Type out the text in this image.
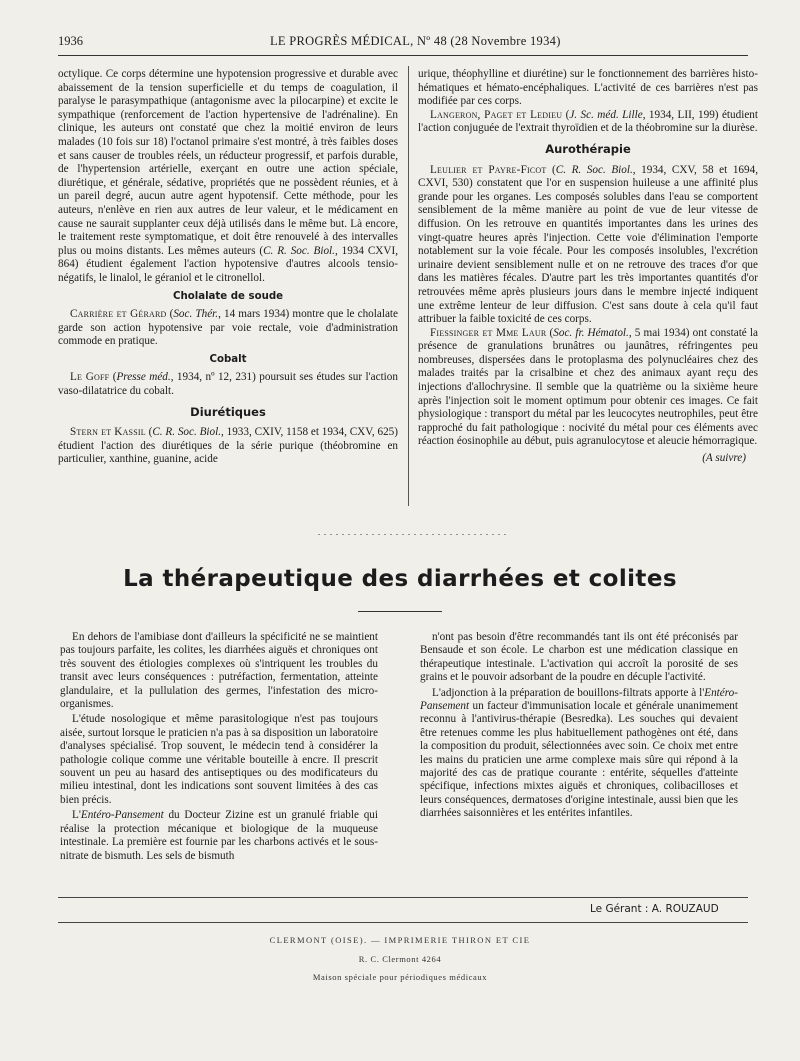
1936	LE PROGRÈS MÉDICAL, Nº 48 (28 Novembre 1934)

octylique. Ce corps détermine une hypotension progressive et durable avec abaissement de la tension superficielle et du temps de coagulation, il paralyse le parasympathique (antagonisme avec la pilocarpine) et excite le sympathique (renforcement de l'action hypertensive de l'adrénaline). En clinique, les auteurs ont constaté que chez la moitié environ de leurs malades (10 fois sur 18) l'octanol primaire s'est montré, à très faibles doses et sans causer de troubles réels, un réducteur progressif, et parfois durable, de l'hypertension artérielle, exerçant en outre une action spéciale, diurétique, et générale, sédative, propriétés que ne possèdent réunies, et à un pareil degré, aucun autre agent hypotensif. Cette méthode, pour les auteurs, n'enlève en rien aux autres de leur valeur, et le médicament en cause ne saurait supplanter ceux déjà utilisés dans le même but. Là encore, le traitement reste symptomatique, et doit être renouvelé à des intervalles plus ou moins distants. Les mêmes auteurs (C. R. Soc. Biol., 1934 CXVI, 864) étudient également l'action hypotensive d'autres alcools tensio-négatifs, le linalol, le géraniol et le citronellol.

Cholalate de soude

Carrière et Gérard (Soc. Thér., 14 mars 1934) montre que le cholalate garde son action hypotensive par voie rectale, voie d'administration commode en pratique.

Cobalt

Le Goff (Presse méd., 1934, nº 12, 231) poursuit ses études sur l'action vaso-dilatatrice du cobalt.

Diurétiques

Stern et Kassil (C. R. Soc. Biol., 1933, CXIV, 1158 et 1934, CXV, 625) étudient l'action des diurétiques de la série purique (théobromine en particulier, xanthine, guanine, acide

urique, théophylline et diurétine) sur le fonctionnement des barrières histo-hématiques et hémato-encéphaliques. L'activité de ces barrières n'est pas modifiée par ces corps.

Langeron, Paget et Ledieu (J. Sc. méd. Lille, 1934, LII, 199) étudient l'action conjuguée de l'extrait thyroïdien et de la théobromine sur la diurèse.

Aurothérapie

Leulier et Payre-Ficot (C. R. Soc. Biol., 1934, CXV, 58 et 1694, CXVI, 530) constatent que l'or en suspension huileuse a une affinité plus grande pour les organes. Les composés solubles dans l'eau se comportent sensiblement de la même manière au point de vue de leur vitesse de diffusion. On les retrouve en quantités importantes dans les urines des vingt-quatre heures après l'injection. Cette voie d'élimination l'emporte notablement sur la voie fécale. Pour les composés insolubles, l'excrétion urinaire devient sensiblement nulle et on ne retrouve des traces d'or que dans les matières fécales. D'autre part les très importantes quantités d'or retrouvées même après plusieurs jours dans le membre injecté indiquent une extrême lenteur de leur diffusion. C'est sans doute à cela qu'il faut attribuer la faible toxicité de ces corps.

Fiessinger et Mme Laur (Soc. fr. Hématol., 5 mai 1934) ont constaté la présence de granulations brunâtres ou jaunâtres, réfringentes peu nombreuses, dispersées dans le protoplasma des polynucléaires chez des malades traités par la crisalbine et chez des animaux ayant reçu des injections d'allochrysine. Il semble que la quatrième ou la sixième heure après l'injection soit le moment optimum pour obtenir ces images. Ce fait physiologique : transport du métal par les leucocytes neutrophiles, peut être rapproché du fait pathologique : nocivité du métal pour ces éléments avec réaction éosinophile au début, puis agranulocytose et aleucie hémorragique.

(A suivre)
La thérapeutique des diarrhées et colites

En dehors de l'amibiase dont d'ailleurs la spécificité ne se maintient pas toujours parfaite, les colites, les diarrhées aiguës et chroniques ont très souvent des étiologies complexes où s'intriquent les troubles du transit avec leurs conséquences : putréfaction, fermentation, atteinte glandulaire, et la pullulation des germes, l'infestation des micro-organismes.

L'étude nosologique et même parasitologique n'est pas toujours aisée, surtout lorsque le praticien n'a pas à sa disposition un laboratoire d'analyses spécialisé. Trop souvent, le médecin tend à considérer la pathologie colique comme une véritable bouteille à encre. Il prescrit souvent un peu au hasard des antiseptiques ou des modificateurs du milieu intestinal, dont les indications sont souvent limitées à des cas bien précis.

L'Entéro-Pansement du Docteur Zizine est un granulé friable qui réalise la protection mécanique et biologique de la muqueuse intestinale. La première est fournie par les charbons activés et le sous-nitrate de bismuth. Les sels de bismuth

n'ont pas besoin d'être recommandés tant ils ont été préconisés par Bensaude et son école. Le charbon est une médication classique en thérapeutique intestinale. L'activation qui accroît la porosité de ses grains et le pouvoir adsorbant de la poudre en décuple l'activité.

L'adjonction à la préparation de bouillons-filtrats apporte à l'Entéro-Pansement un facteur d'immunisation locale et générale unanimement reconnu à l'antivirus-thérapie (Besredka). Les souches qui devaient être retenues comme les plus habituellement pathogènes ont été, dans la composition du produit, sélectionnées avec soin. Ce choix met entre les mains du praticien une arme complexe mais sûre qui répond à la majorité des cas de pratique courante : entérite, séquelles d'atteinte spécifique, infections mixtes aiguës et chroniques, colibacilloses et leurs conséquences, dermatoses d'origine intestinale, aussi bien que les diarrhées saisonnières et les entérites infantiles.

Le Gérant : A. ROUZAUD
CLERMONT (OISE). — IMPRIMERIE THIRON ET CIE
R. C. Clermont 4264
Maison spéciale pour périodiques médicaux
